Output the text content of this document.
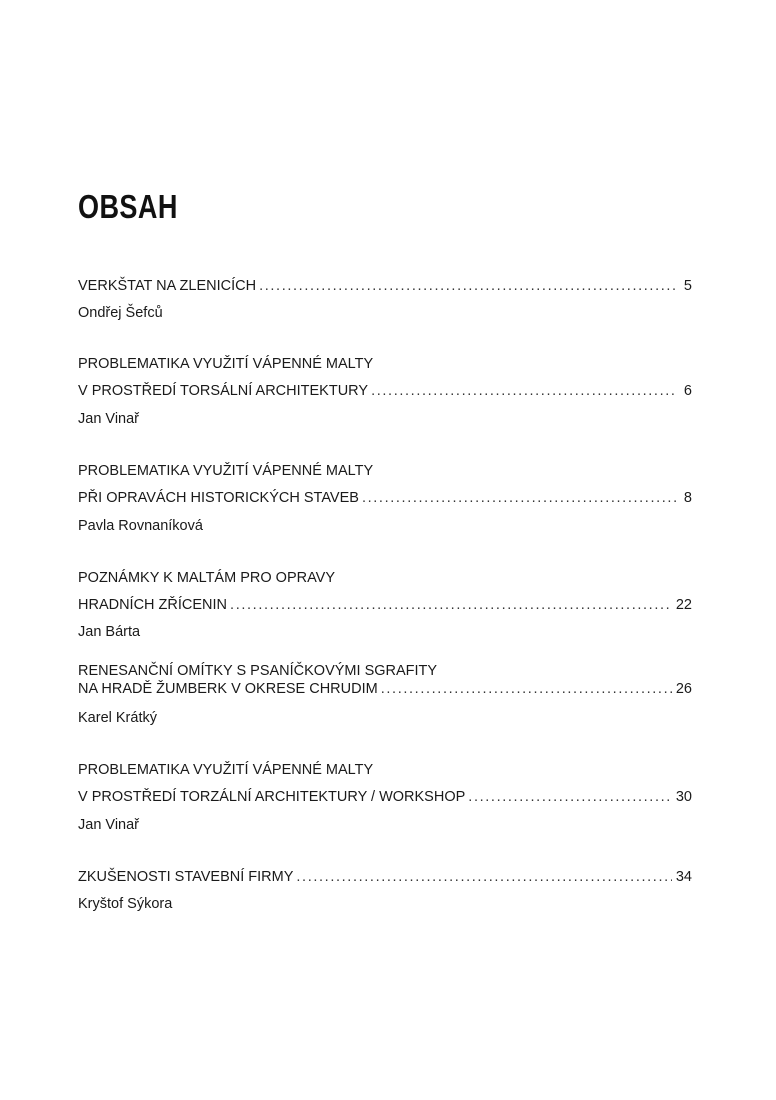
OBSAH
VERKŠTAT NA ZLENICÍCH . . .	5
Ondřej Šefců
PROBLEMATIKA VYUŽITÍ VÁPENNÉ MALTY
V PROSTŘEDÍ TORSÁLNÍ ARCHITEKTURY . . .	6
Jan Vinař
PROBLEMATIKA VYUŽITÍ VÁPENNÉ MALTY
PŘI OPRAVÁCH HISTORICKÝCH STAVEB . . .	8
Pavla Rovnaníková
POZNÁMKY K MALTÁM PRO OPRAVY
HRADNÍCH ZŘÍCENIN . . .	22
Jan Bárta
RENESANČNÍ OMÍTKY S PSANÍČKOVÝMI SGRAFITY
NA HRADĚ ŽUMBERK V OKRESE CHRUDIM . . .	26
Karel Krátký
PROBLEMATIKA VYUŽITÍ VÁPENNÉ MALTY
V PROSTŘEDÍ TORZÁLNÍ ARCHITEKTURY / WORKSHOP . . .	30
Jan Vinař
ZKUŠENOSTI STAVEBNÍ FIRMY . . .	34
Kryštof Sýkora
